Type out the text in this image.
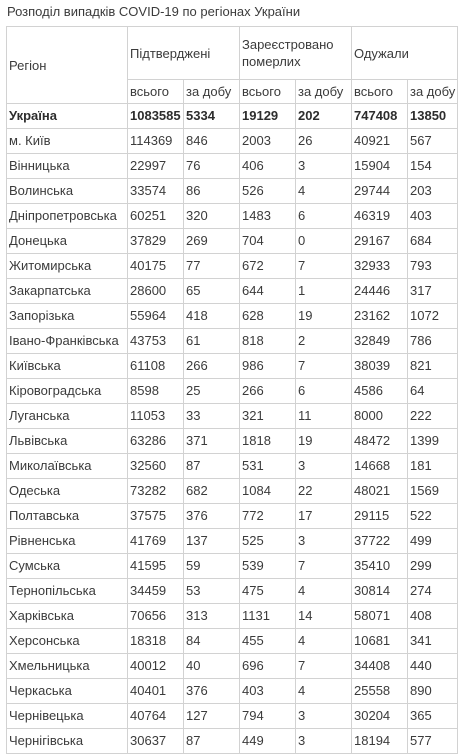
Розподіл випадків COVID-19 по регіонах України
Регіон	Підтверджені		Зареєстровано померлих		Одужали	
	всього	за добу	всього	за добу	всього	за добу
Україна	1083585	5334	19129	202	747408	13850
м. Київ	114369	846	2003	26	40921	567
Вінницька	22997	76	406	3	15904	154
Волинська	33574	86	526	4	29744	203
Дніпропетровська	60251	320	1483	6	46319	403
Донецька	37829	269	704	0	29167	684
Житомирська	40175	77	672	7	32933	793
Закарпатська	28600	65	644	1	24446	317
Запорізька	55964	418	628	19	23162	1072
Івано-Франківська	43753	61	818	2	32849	786
Київська	61108	266	986	7	38039	821
Кіровоградська	8598	25	266	6	4586	64
Луганська	11053	33	321	11	8000	222
Львівська	63286	371	1818	19	48472	1399
Миколаївська	32560	87	531	3	14668	181
Одеська	73282	682	1084	22	48021	1569
Полтавська	37575	376	772	17	29115	522
Рівненська	41769	137	525	3	37722	499
Сумська	41595	59	539	7	35410	299
Тернопільська	34459	53	475	4	30814	274
Харківська	70656	313	1131	14	58071	408
Херсонська	18318	84	455	4	10681	341
Хмельницька	40012	40	696	7	34408	440
Черкаська	40401	376	403	4	25558	890
Чернівецька	40764	127	794	3	30204	365
Чернігівська	30637	87	449	3	18194	577
